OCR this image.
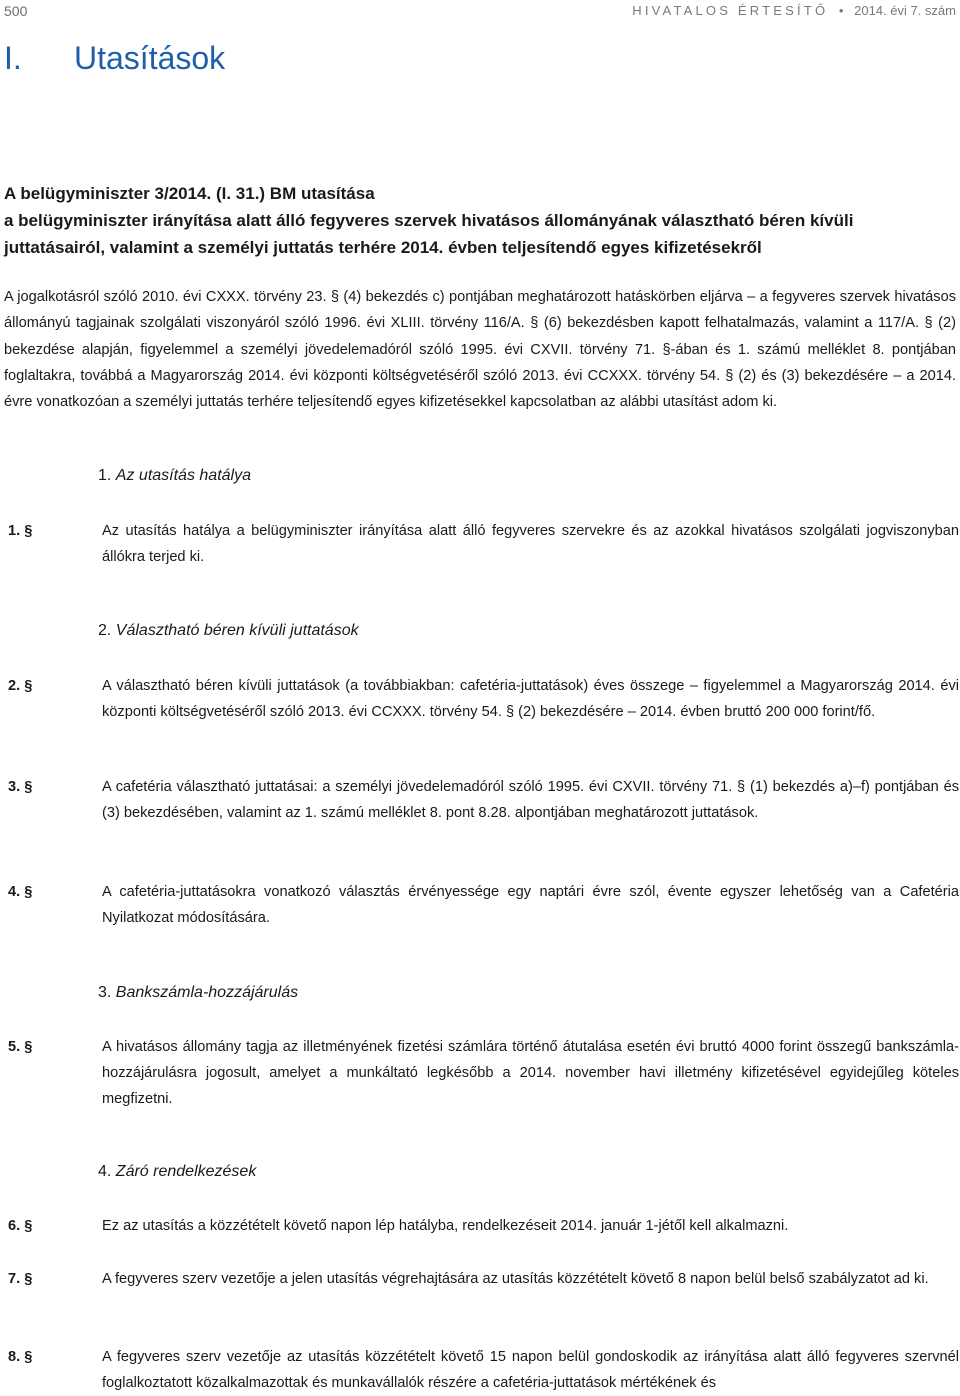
500	HIVATALOS ÉRTESÍTŐ • 2014. évi 7. szám
I. Utasítások
A belügyminiszter 3/2014. (I. 31.) BM utasítása
a belügyminiszter irányítása alatt álló fegyveres szervek hivatásos állományának választható béren kívüli
juttatásairól, valamint a személyi juttatás terhére 2014. évben teljesítendő egyes kifizetésekről
A jogalkotásról szóló 2010. évi CXXX. törvény 23. § (4) bekezdés c) pontjában meghatározott hatáskörben eljárva – a fegyveres szervek hivatásos állományú tagjainak szolgálati viszonyáról szóló 1996. évi XLIII. törvény 116/A. § (6) bekezdésben kapott felhatalmazás, valamint a 117/A. § (2) bekezdése alapján, figyelemmel a személyi jövedelemadóról szóló 1995. évi CXVII. törvény 71. §-ában és 1. számú melléklet 8. pontjában foglaltakra, továbbá a Magyarország 2014. évi központi költségvetéséről szóló 2013. évi CCXXX. törvény 54. § (2) és (3) bekezdésére – a 2014. évre vonatkozóan a személyi juttatás terhére teljesítendő egyes kifizetésekkel kapcsolatban az alábbi utasítást adom ki.
1. Az utasítás hatálya
1. §	Az utasítás hatálya a belügyminiszter irányítása alatt álló fegyveres szervekre és az azokkal hivatásos szolgálati jogviszonyban állókra terjed ki.
2. Választható béren kívüli juttatások
2. §	A választható béren kívüli juttatások (a továbbiakban: cafetéria-juttatások) éves összege – figyelemmel a Magyarország 2014. évi központi költségvetéséről szóló 2013. évi CCXXX. törvény 54. § (2) bekezdésére – 2014. évben bruttó 200 000 forint/fő.
3. §	A cafetéria választható juttatásai: a személyi jövedelemadóról szóló 1995. évi CXVII. törvény 71. § (1) bekezdés a)–f) pontjában és (3) bekezdésében, valamint az 1. számú melléklet 8. pont 8.28. alpontjában meghatározott juttatások.
4. §	A cafetéria-juttatásokra vonatkozó választás érvényessége egy naptári évre szól, évente egyszer lehetőség van a Cafetéria Nyilatkozat módosítására.
3. Bankszámla-hozzájárulás
5. §	A hivatásos állomány tagja az illetményének fizetési számlára történő átutalása esetén évi bruttó 4000 forint összegű bankszámla-hozzájárulásra jogosult, amelyet a munkáltató legkésőbb a 2014. november havi illetmény kifizetésével egyidejűleg köteles megfizetni.
4. Záró rendelkezések
6. §	Ez az utasítás a közzétételt követő napon lép hatályba, rendelkezéseit 2014. január 1-jétől kell alkalmazni.
7. §	A fegyveres szerv vezetője a jelen utasítás végrehajtására az utasítás közzétételt követő 8 napon belül belső szabályzatot ad ki.
8. §	A fegyveres szerv vezetője az utasítás közzétételt követő 15 napon belül gondoskodik az irányítása alatt álló fegyveres szervnél foglalkoztatott közalkalmazottak és munkavállalók részére a cafetéria-juttatások mértékének és
